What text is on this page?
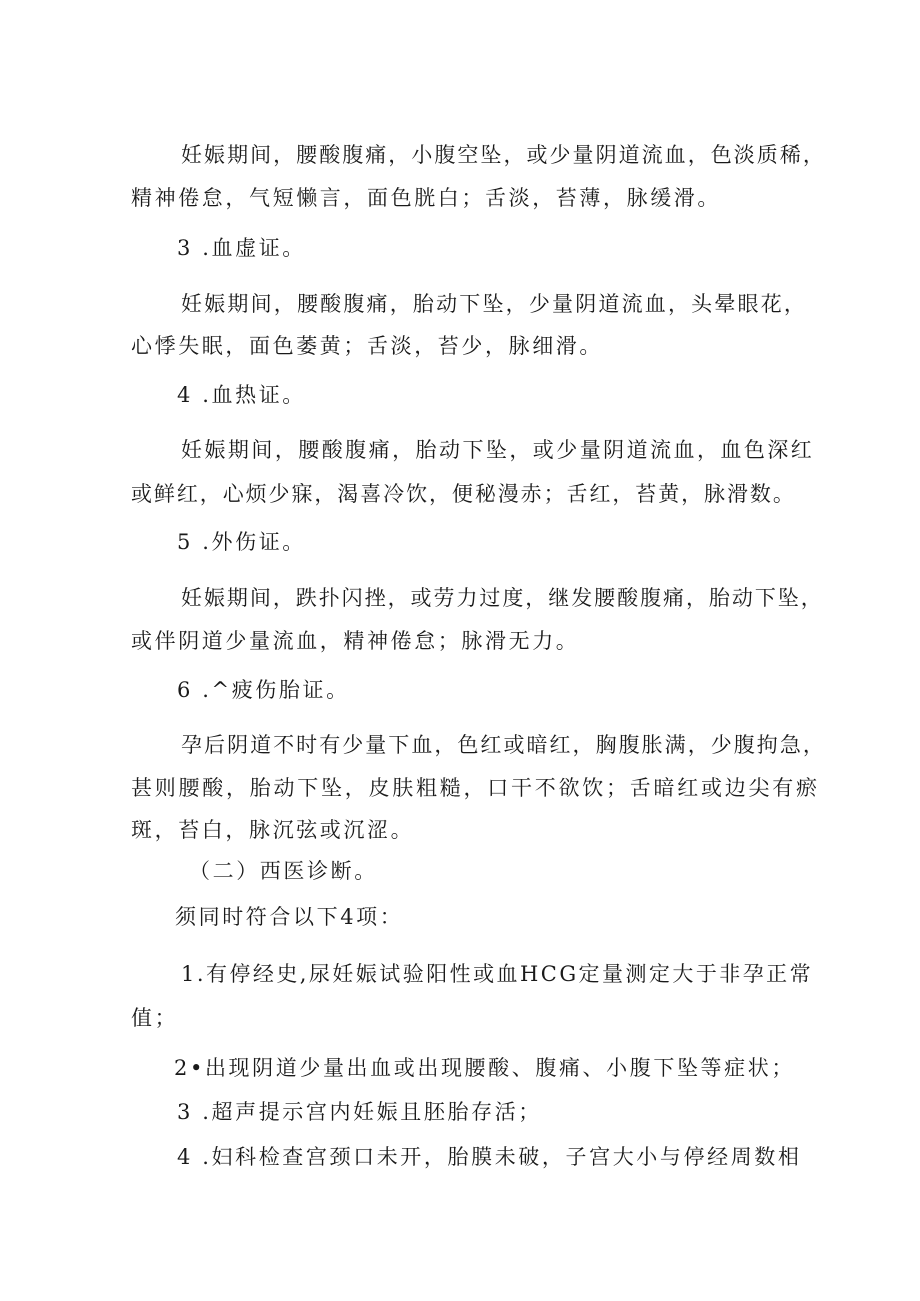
妊 娠 期 间 ， 腰 酸 腹 痛 ， 小 腹 空 坠 ， 或 少 量 阴 道 流 血 ， 色 淡 质 稀 ，
精神倦怠，气短懒言，面色胱白；舌淡，苔薄，脉缓滑。
3 .血虚证。
妊 娠 期 间 ， 腰 酸 腹 痛 ， 胎 动 下 坠 ， 少 量 阴 道 流 血 ， 头 晕 眼 花 ，
心悸失眠，面色萎黄；舌淡，苔少，脉细滑。
4 .血热证。
妊 娠 期 间 ， 腰 酸 腹 痛 ， 胎 动 下 坠 ， 或 少 量 阴 道 流 血 ， 血 色 深 红
或 鲜 红 ， 心 烦 少 寐 ， 渴 喜 冷 饮 ， 便 秘 漫 赤 ； 舌 红 ， 苔 黄 ， 脉 滑 数 。
5 .外伤证。
妊 娠 期 间 ， 跌 扑 闪 挫 ， 或 劳 力 过 度 ， 继 发 腰 酸 腹 痛 ， 胎 动 下 坠 ，
或伴阴道少量流血，精神倦怠；脉滑无力。
6 .^疲伤胎证。
孕 后 阴 道 不 时 有 少 量 下 血 ， 色 红 或 暗 红 ， 胸 腹 胀 满 ， 少 腹 拘 急 ，
甚 则 腰 酸 ， 胎 动 下 坠 ， 皮 肤 粗 糙 ， 口 干 不 欲 饮 ； 舌 暗 红 或 边 尖 有 瘀
斑，苔白，脉沉弦或沉涩。
（二）西医诊断。
须同时符合以下4项：
1 . 有 停 经 史 , 尿 妊 娠 试 验 阳 性 或 血 H C G 定 量 测 定 大 于 非 孕 正 常
值；
2•出现阴道少量出血或出现腰酸、腹痛、小腹下坠等症状；
3 .超声提示宫内妊娠且胚胎存活；
4 .妇科检查宫颈口未开，胎膜未破，子宫大小与停经周数相
